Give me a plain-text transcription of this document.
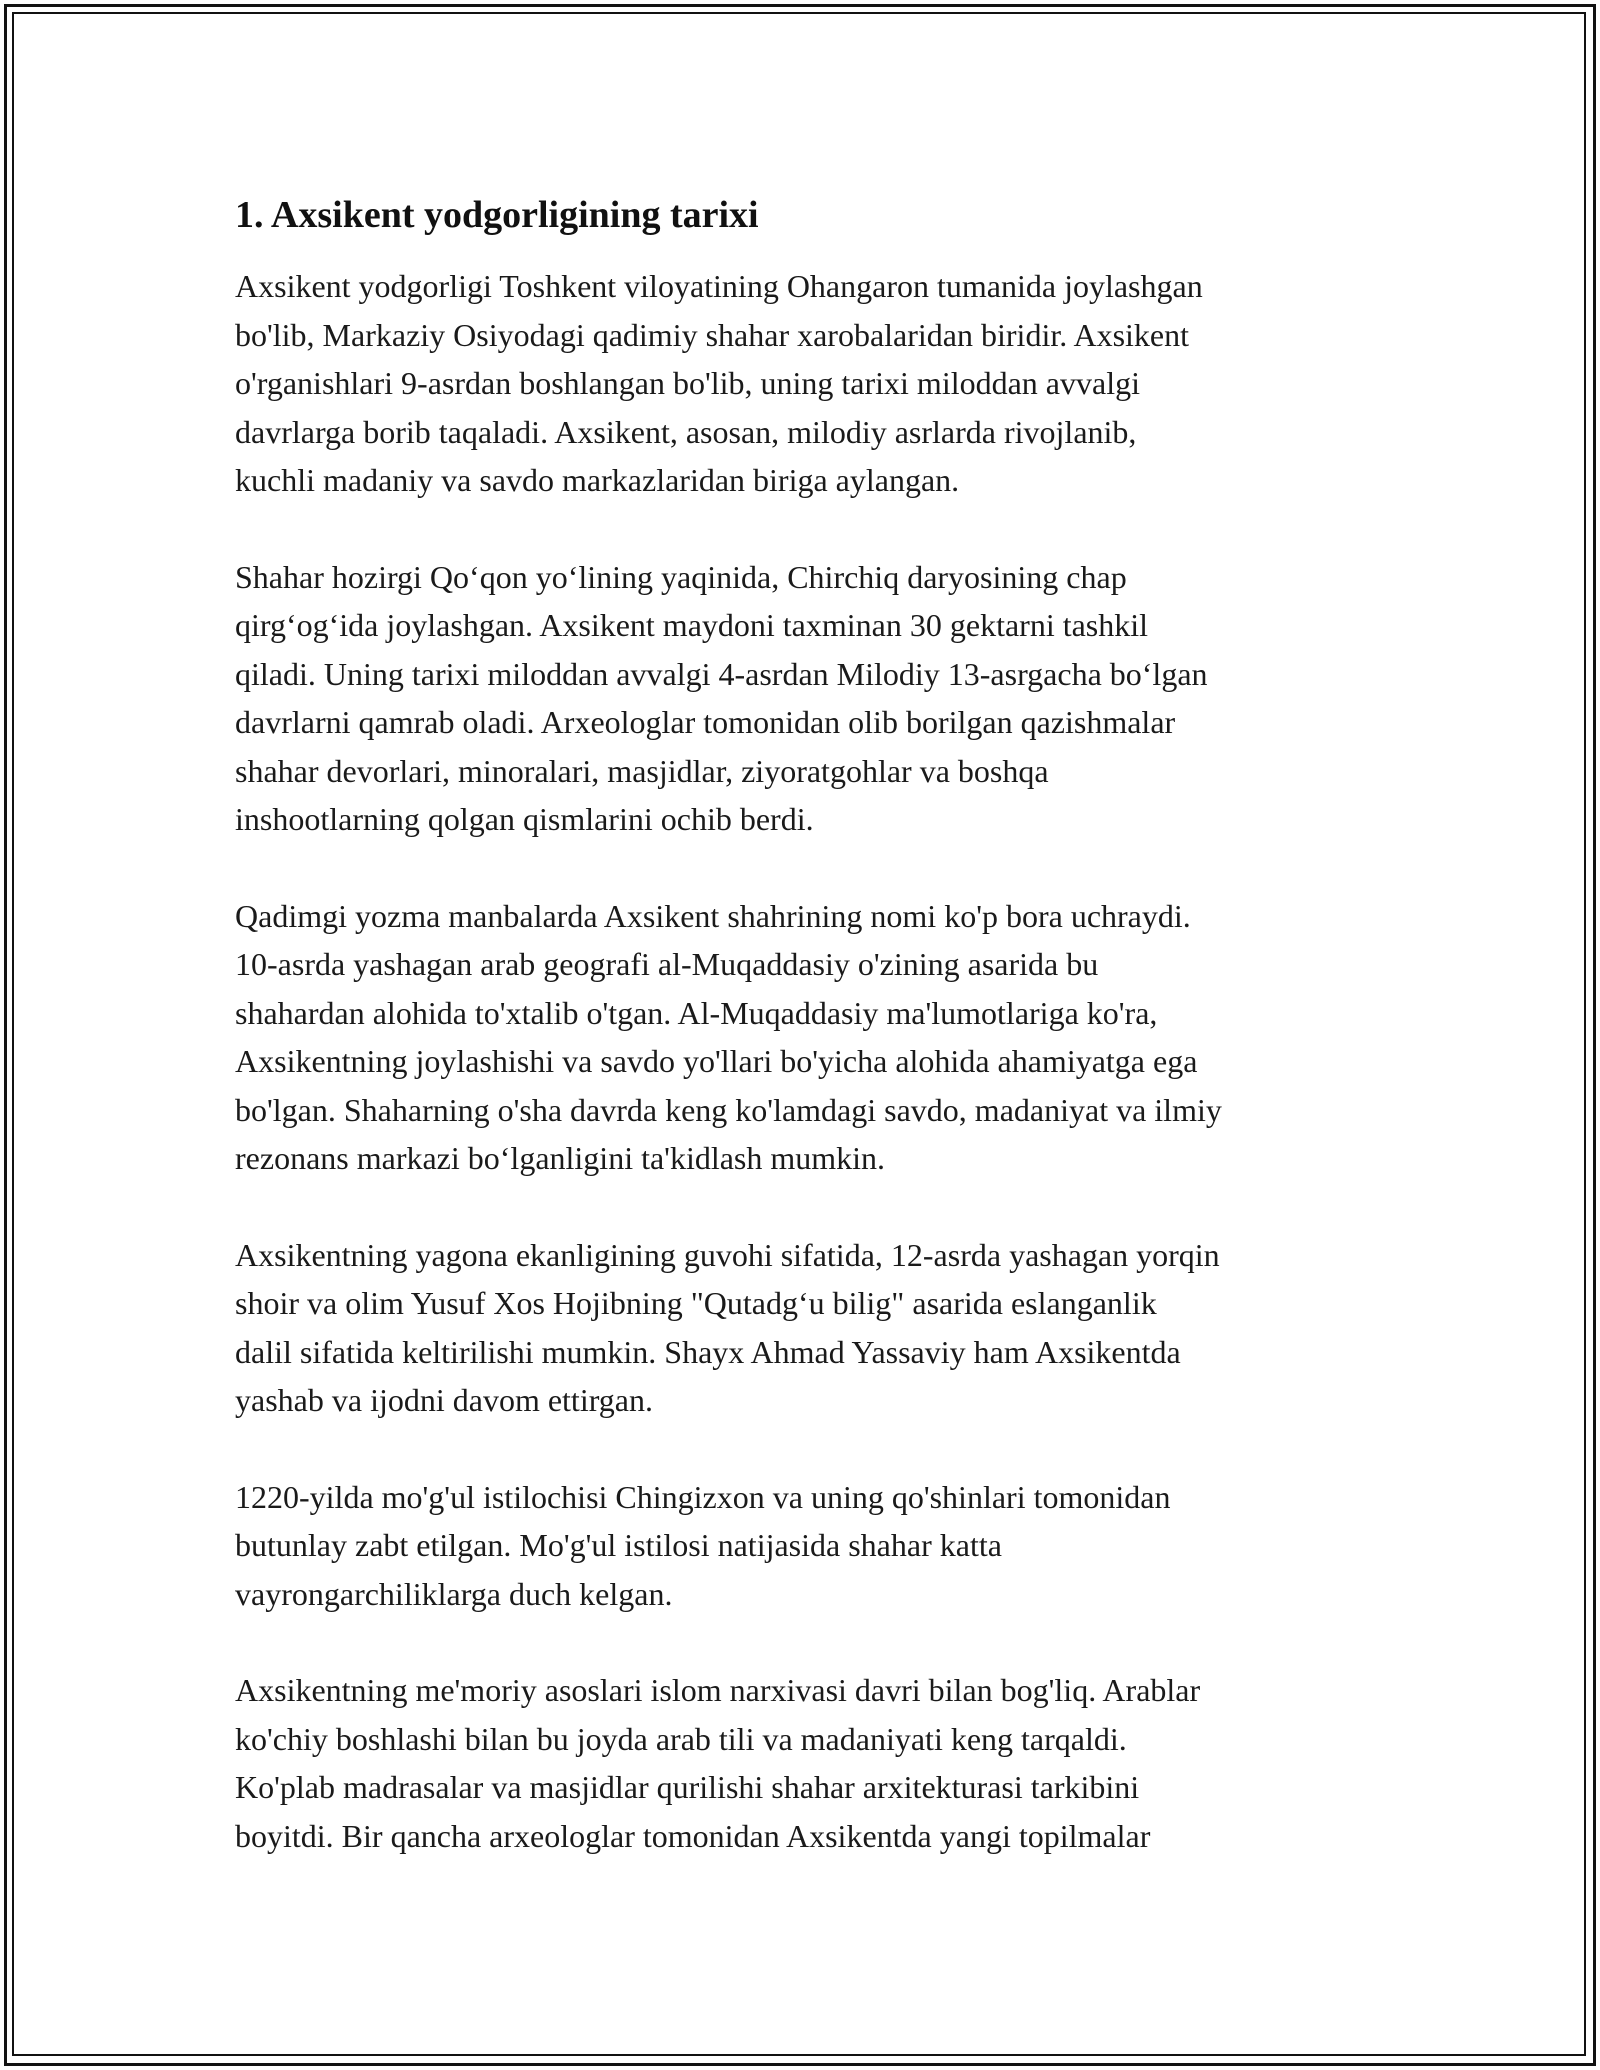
1. Axsikent yodgorligining tarixi
Axsikent yodgorligi Toshkent viloyatining Ohangaron tumanida joylashgan
bo'lib, Markaziy Osiyodagi qadimiy shahar xarobalaridan biridir. Axsikent
o'rganishlari 9-asrdan boshlangan bo'lib, uning tarixi miloddan avvalgi
davrlarga borib taqaladi. Axsikent, asosan, milodiy asrlarda rivojlanib,
kuchli madaniy va savdo markazlaridan biriga aylangan.
Shahar hozirgi Qo‘qon yo‘lining yaqinida, Chirchiq daryosining chap
qirg‘og‘ida joylashgan. Axsikent maydoni taxminan 30 gektarni tashkil
qiladi. Uning tarixi miloddan avvalgi 4-asrdan Milodiy 13-asrgacha bo‘lgan
davrlarni qamrab oladi. Arxeologlar tomonidan olib borilgan qazishmalar
shahar devorlari, minoralari, masjidlar, ziyoratgohlar va boshqa
inshootlarning qolgan qismlarini ochib berdi.
Qadimgi yozma manbalarda Axsikent shahrining nomi ko'p bora uchraydi.
10-asrda yashagan arab geografi al-Muqaddasiy o'zining asarida bu
shahardan alohida to'xtalib o'tgan. Al-Muqaddasiy ma'lumotlariga ko'ra,
Axsikentning joylashishi va savdo yo'llari bo'yicha alohida ahamiyatga ega
bo'lgan. Shaharning o'sha davrda keng ko'lamdagi savdo, madaniyat va ilmiy
rezonans markazi bo‘lganligini ta'kidlash mumkin.
Axsikentning yagona ekanligining guvohi sifatida, 12-asrda yashagan yorqin
shoir va olim Yusuf Xos Hojibning "Qutadg‘u bilig" asarida eslanganlik
dalil sifatida keltirilishi mumkin. Shayx Ahmad Yassaviy ham Axsikentda
yashab va ijodni davom ettirgan.
1220-yilda mo'g'ul istilochisi Chingizxon va uning qo'shinlari tomonidan
butunlay zabt etilgan. Mo'g'ul istilosi natijasida shahar katta
vayrongarchiliklarga duch kelgan.
Axsikentning me'moriy asoslari islom narxivasi davri bilan bog'liq. Arablar
ko'chiy boshlashi bilan bu joyda arab tili va madaniyati keng tarqaldi.
Ko'plab madrasalar va masjidlar qurilishi shahar arxitekturasi tarkibini
boyitdi. Bir qancha arxeologlar tomonidan Axsikentda yangi topilmalar
